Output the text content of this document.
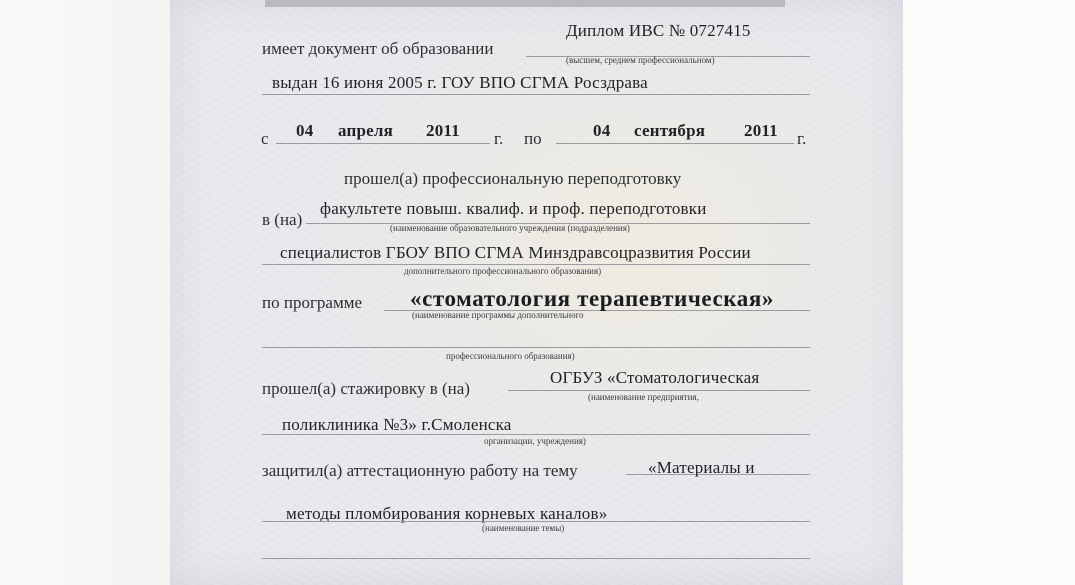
имеет документ об образовании
Диплом ИВС № 0727415
(высшем, среднем профессиональном)
выдан 16 июня 2005 г. ГОУ ВПО СГМА Росздрава
с 04 апреля 2011 г. по	04 сентября 2011 г.
прошел(а) профессиональную переподготовку
в (на)
факультете повыш. квалиф. и проф. переподготовки
(наименование образовательного учреждения (подразделения)
специалистов ГБОУ ВПО СГМА Минздравсоцразвития России
дополнительного профессионального образования)
по программе «стоматология терапевтическая»
(наименование программы дополнительного
профессионального образования)
прошел(а) стажировку в (на)
ОГБУЗ «Стоматологическая
(наименование предприятия,
поликлиника №3» г.Смоленска
организации, учреждения)
защитил(а) аттестационную работу на тему	«Материалы и
методы пломбирования корневых каналов»
(наименование темы)
